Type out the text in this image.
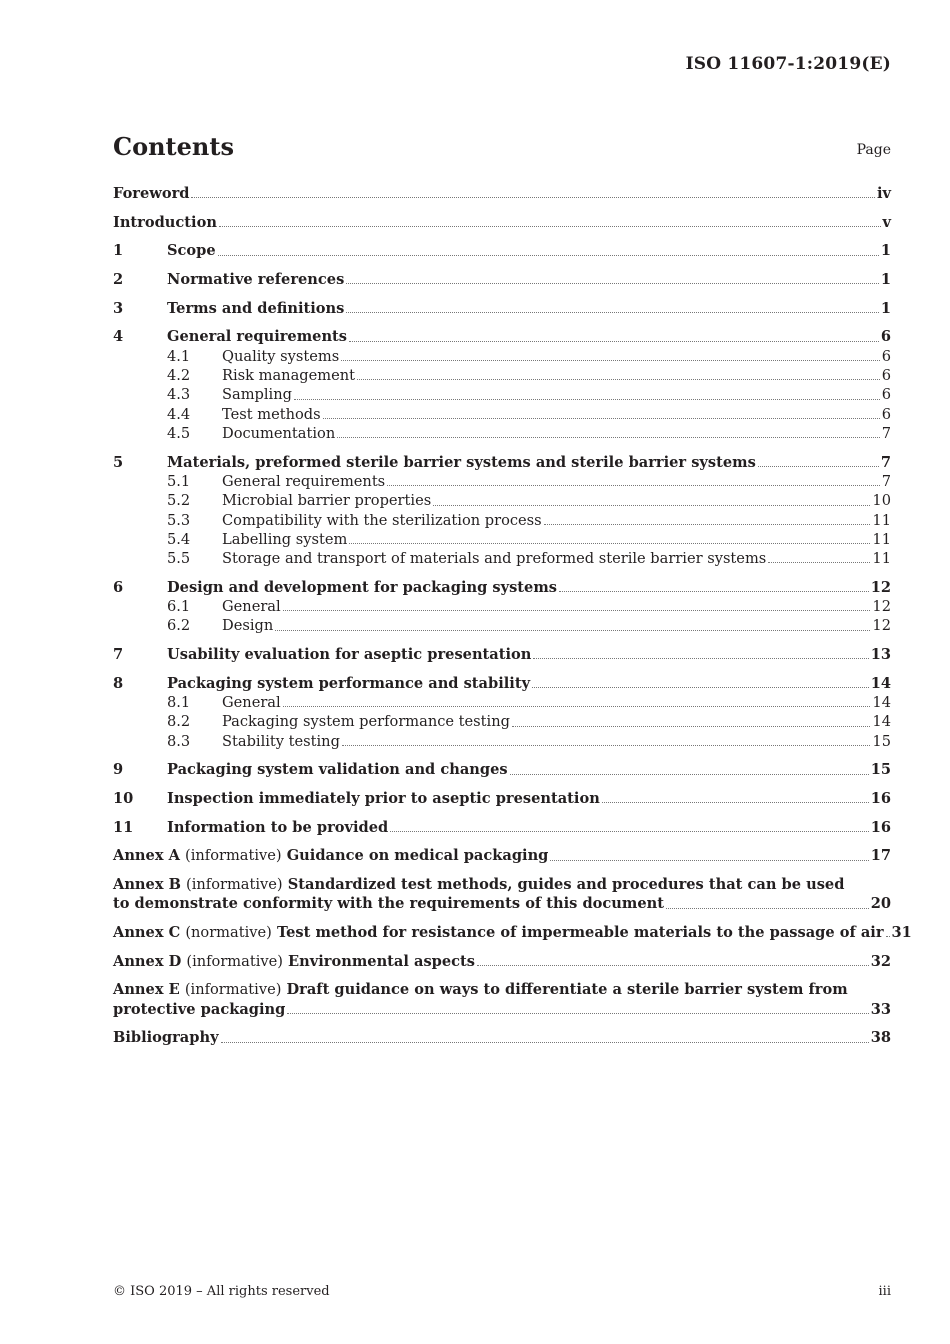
ISO 11607-1:2019(E)
Contents	Page
Foreword	iv
Introduction	v
1	Scope	1
2	Normative references	1
3	Terms and definitions	1
4	General requirements	6
4.1	Quality systems	6
4.2	Risk management	6
4.3	Sampling	6
4.4	Test methods	6
4.5	Documentation	7
5	Materials, preformed sterile barrier systems and sterile barrier systems	7
5.1	General requirements	7
5.2	Microbial barrier properties	10
5.3	Compatibility with the sterilization process	11
5.4	Labelling system	11
5.5	Storage and transport of materials and preformed sterile barrier systems	11
6	Design and development for packaging systems	12
6.1	General	12
6.2	Design	12
7	Usability evaluation for aseptic presentation	13
8	Packaging system performance and stability	14
8.1	General	14
8.2	Packaging system performance testing	14
8.3	Stability testing	15
9	Packaging system validation and changes	15
10	Inspection immediately prior to aseptic presentation	16
11	Information to be provided	16
Annex A (informative) Guidance on medical packaging	17
Annex B (informative) Standardized test methods, guides and procedures that can be used
to demonstrate conformity with the requirements of this document	20
Annex C (normative) Test method for resistance of impermeable materials to the passage of air 31
Annex D (informative) Environmental aspects	32
Annex E (informative) Draft guidance on ways to differentiate a sterile barrier system from
protective packaging	33
Bibliography	38
© ISO 2019 – All rights reserved	iii
